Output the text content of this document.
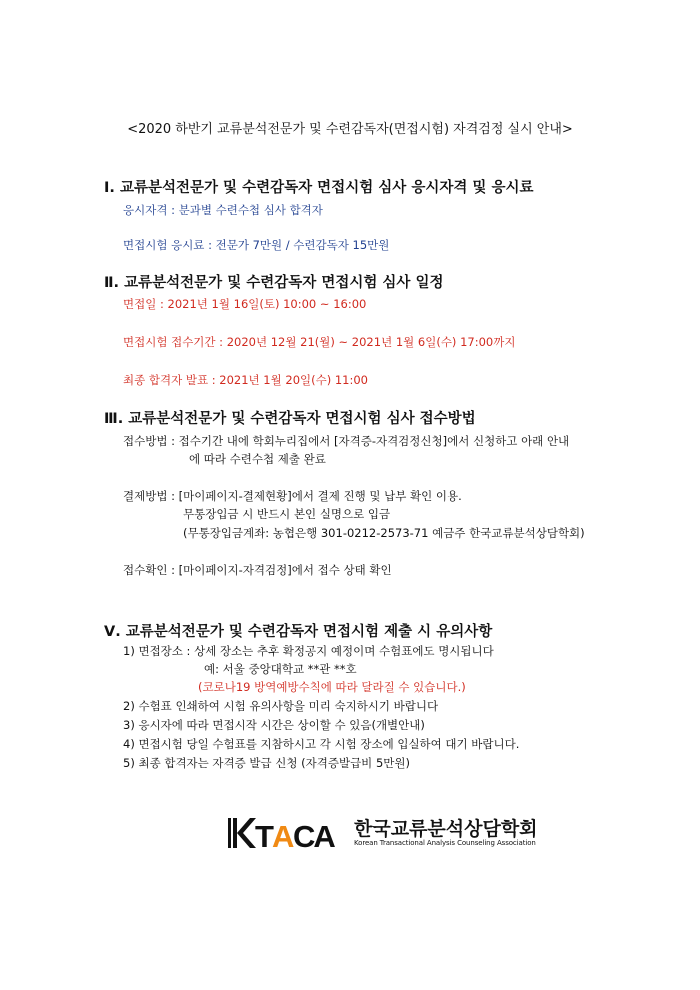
<2020 하반기 교류분석전문가 및 수련감독자(면접시험) 자격검정 실시 안내>
Ⅰ. 교류분석전문가 및 수련감독자 면접시험 심사 응시자격 및 응시료
응시자격 : 분과별 수련수첩 심사 합격자
면접시험 응시료 : 전문가 7만원 / 수련감독자 15만원
Ⅱ. 교류분석전문가 및 수련감독자 면접시험 심사 일정
면접일 : 2021년 1월 16일(토) 10:00 ~ 16:00
면접시험 접수기간 : 2020년 12월 21(월) ~ 2021년 1월 6일(수) 17:00까지
최종 합격자 발표 : 2021년 1월 20일(수) 11:00
Ⅲ. 교류분석전문가 및 수련감독자 면접시험 심사 접수방법
접수방법 : 접수기간 내에 학회누리집에서 [자격증-자격검정신청]에서 신청하고 아래 안내
에 따라 수련수첩 제출 완료
결제방법 : [마이페이지-결제현황]에서 결제 진행 및 납부 확인 이용.
무통장입금 시 반드시 본인 실명으로 입금
(무통장입금계좌: 농협은행 301-0212-2573-71 예금주 한국교류분석상담학회)
접수확인 : [마이페이지-자격검정]에서 접수 상태 확인
Ⅴ. 교류분석전문가 및 수련감독자 면접시험 제출 시 유의사항
1) 면접장소 : 상세 장소는 추후 확정공지 예정이며 수험표에도 명시됩니다
예: 서울 중앙대학교 **관 **호
(코로나19 방역예방수칙에 따라 달라질 수 있습니다.)
2) 수험표 인쇄하여 시험 유의사항을 미리 숙지하시기 바랍니다
3) 응시자에 따라 면접시작 시간은 상이할 수 있음(개별안내)
4) 면접시험 당일 수험표를 지참하시고 각 시험 장소에 입실하여 대기 바랍니다.
5) 최종 합격자는 자격증 발급 신청 (자격증발급비 5만원)
T A CA 한국교류분석상담학회
Korean Transactional Analysis Counseling Association
